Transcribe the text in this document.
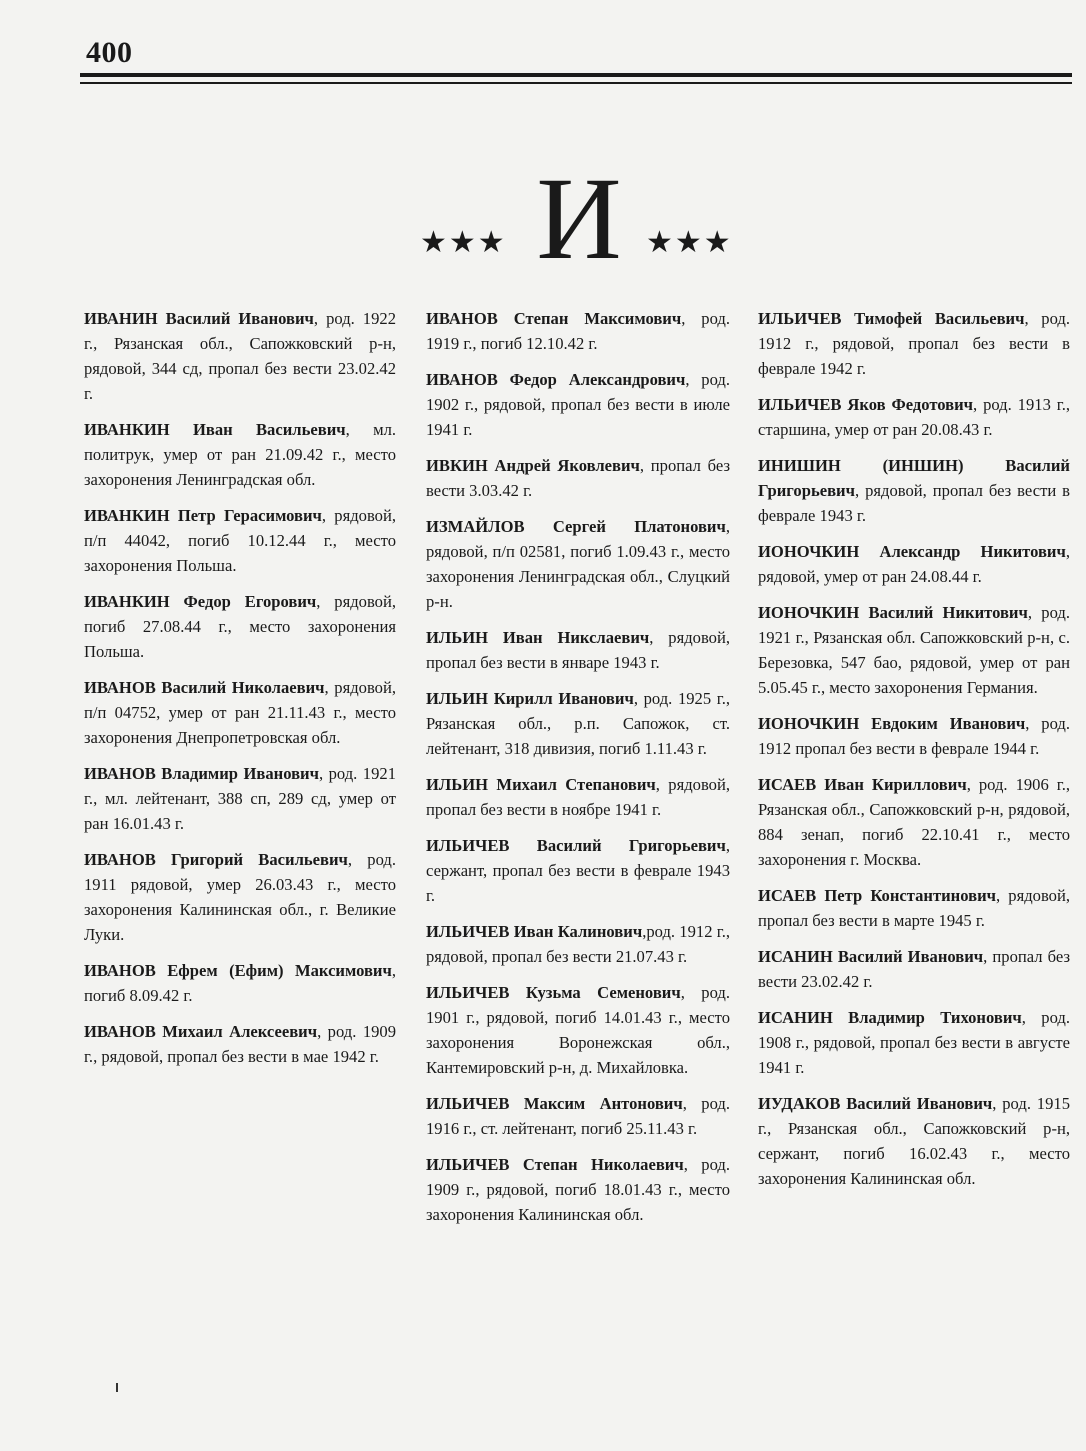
400
★★★ И ★★★

ИВАНИН Василий Иванович, род. 1922 г., Рязанская обл., Сапожковский р-н, рядовой, 344 сд, пропал без вести 23.02.42 г.

ИВАНКИН Иван Васильевич, мл. политрук, умер от ран 21.09.42 г., место захоронения Ленинградская обл.

ИВАНКИН Петр Герасимович, рядовой, п/п 44042, погиб 10.12.44 г., место захоронения Польша.

ИВАНКИН Федор Егорович, рядовой, погиб 27.08.44 г., место захоронения Польша.

ИВАНОВ Василий Николаевич, рядовой, п/п 04752, умер от ран 21.11.43 г., место захоронения Днепропетровская обл.

ИВАНОВ Владимир Иванович, род. 1921 г., мл. лейтенант, 388 сп, 289 сд, умер от ран 16.01.43 г.

ИВАНОВ Григорий Васильевич, род. 1911 рядовой, умер 26.03.43 г., место захоронения Калининская обл., г. Великие Луки.

ИВАНОВ Ефрем (Ефим) Максимович, погиб 8.09.42 г.

ИВАНОВ Михаил Алексеевич, род. 1909 г., рядовой, пропал без вести в мае 1942 г.

ИВАНОВ Степан Максимович, род. 1919 г., погиб 12.10.42 г.

ИВАНОВ Федор Александрович, род. 1902 г., рядовой, пропал без вести в июле 1941 г.

ИВКИН Андрей Яковлевич, пропал без вести 3.03.42 г.

ИЗМАЙЛОВ Сергей Платонович, рядовой, п/п 02581, погиб 1.09.43 г., место захоронения Ленинградская обл., Слуцкий р-н.

ИЛЬИН Иван Никслаевич, рядовой, пропал без вести в январе 1943 г.

ИЛЬИН Кирилл Иванович, род. 1925 г., Рязанская обл., р.п. Сапожок, ст. лейтенант, 318 дивизия, погиб 1.11.43 г.

ИЛЬИН Михаил Степанович, рядовой, пропал без вести в ноябре 1941 г.

ИЛЬИЧЕВ Василий Григорьевич, сержант, пропал без вести в феврале 1943 г.

ИЛЬИЧЕВ Иван Калинович,род. 1912 г., рядовой, пропал без вести 21.07.43 г.

ИЛЬИЧЕВ Кузьма Семенович, род. 1901 г., рядовой, погиб 14.01.43 г., место захоронения Воронежская обл., Кантемировский р-н, д. Михайловка.

ИЛЬИЧЕВ Максим Антонович, род. 1916 г., ст. лейтенант, погиб 25.11.43 г.

ИЛЬИЧЕВ Степан Николаевич, род. 1909 г., рядовой, погиб 18.01.43 г., место захоронения Калининская обл.

ИЛЬИЧЕВ Тимофей Васильевич, род. 1912 г., рядовой, пропал без вести в феврале 1942 г.

ИЛЬИЧЕВ Яков Федотович, род. 1913 г., старшина, умер от ран 20.08.43 г.

ИНИШИН (ИНШИН) Василий Григорьевич, рядовой, пропал без вести в феврале 1943 г.

ИОНОЧКИН Александр Никитович, рядовой, умер от ран 24.08.44 г.

ИОНОЧКИН Василий Никитович, род. 1921 г., Рязанская обл. Сапожковский р-н, с. Березовка, 547 бао, рядовой, умер от ран 5.05.45 г., место захоронения Германия.

ИОНОЧКИН Евдоким Иванович, род. 1912 пропал без вести в феврале 1944 г.

ИСАЕВ Иван Кириллович, род. 1906 г., Рязанская обл., Сапожковский р-н, рядовой, 884 зенап, погиб 22.10.41 г., место захоронения г. Москва.

ИСАЕВ Петр Константинович, рядовой, пропал без вести в марте 1945 г.

ИСАНИН Василий Иванович, пропал без вести 23.02.42 г.

ИСАНИН Владимир Тихонович, род. 1908 г., рядовой, пропал без вести в августе 1941 г.

ИУДАКОВ Василий Иванович, род. 1915 г., Рязанская обл., Сапожковский р-н, сержант, погиб 16.02.43 г., место захоронения Калининская обл.
